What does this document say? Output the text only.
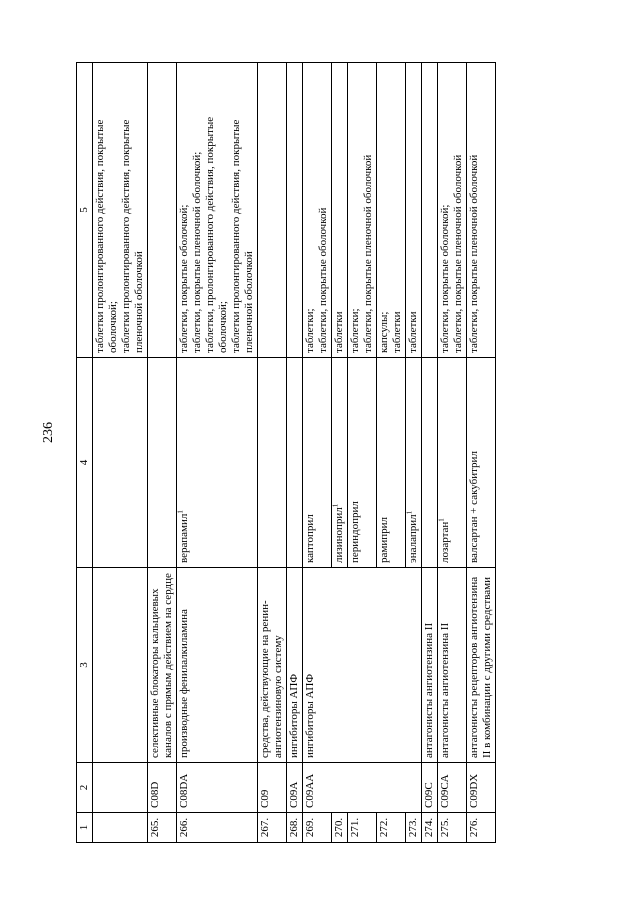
236
1	2	3	4	5

				таблетки пролонгированного действия, покрытые оболочкой; таблетки пролонгированного действия, покрытые пленочной оболочкой

265.	C08D	селективные блокаторы кальциевых каналов с прямым действием на сердце		
266.	C08DA	производные фенилалкиламина	верапамил$^1$	таблетки, покрытые оболочкой; таблетки, покрытые пленочной оболочкой; таблетки, пролонгированного действия, покрытые оболочкой; таблетки пролонгированного действия, покрытые пленочной оболочкой

267.	C09	средства, действующие на ренин-ангиотензиновую систему		
268.	C09A	ингибиторы АПФ		
269.	C09AA	ингибиторы АПФ	каптоприл	таблетки; таблетки, покрытые оболочкой

270.			лизиноприл$^1$	таблетки

271.			периндоприл	таблетки; таблетки, покрытые пленочной оболочкой

272.			рамиприл	капсулы; таблетки

273.			эналаприл$^1$	таблетки

274.	C09C	антагонисты ангиотензина II		
275.	C09CA	антагонисты ангиотензина II	лозартан$^1$	таблетки, покрытые оболочкой; таблетки, покрытые пленочной оболочкой

276.	C09DX	антагонисты рецепторов ангиотензина II в комбинации с другими средствами	валсартан + сакубитрил	таблетки, покрытые пленочной оболочкой
